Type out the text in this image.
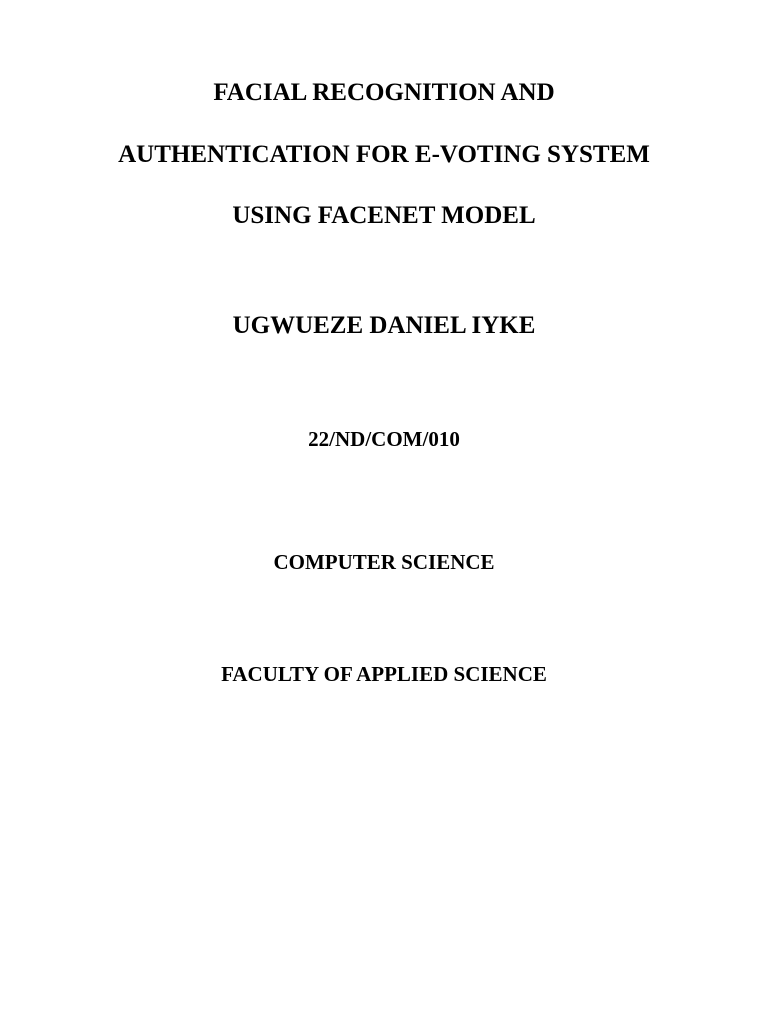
FACIAL RECOGNITION AND
AUTHENTICATION FOR E-VOTING SYSTEM
USING FACENET MODEL
UGWUEZE DANIEL IYKE
22/ND/COM/010
COMPUTER SCIENCE
FACULTY OF APPLIED SCIENCE
